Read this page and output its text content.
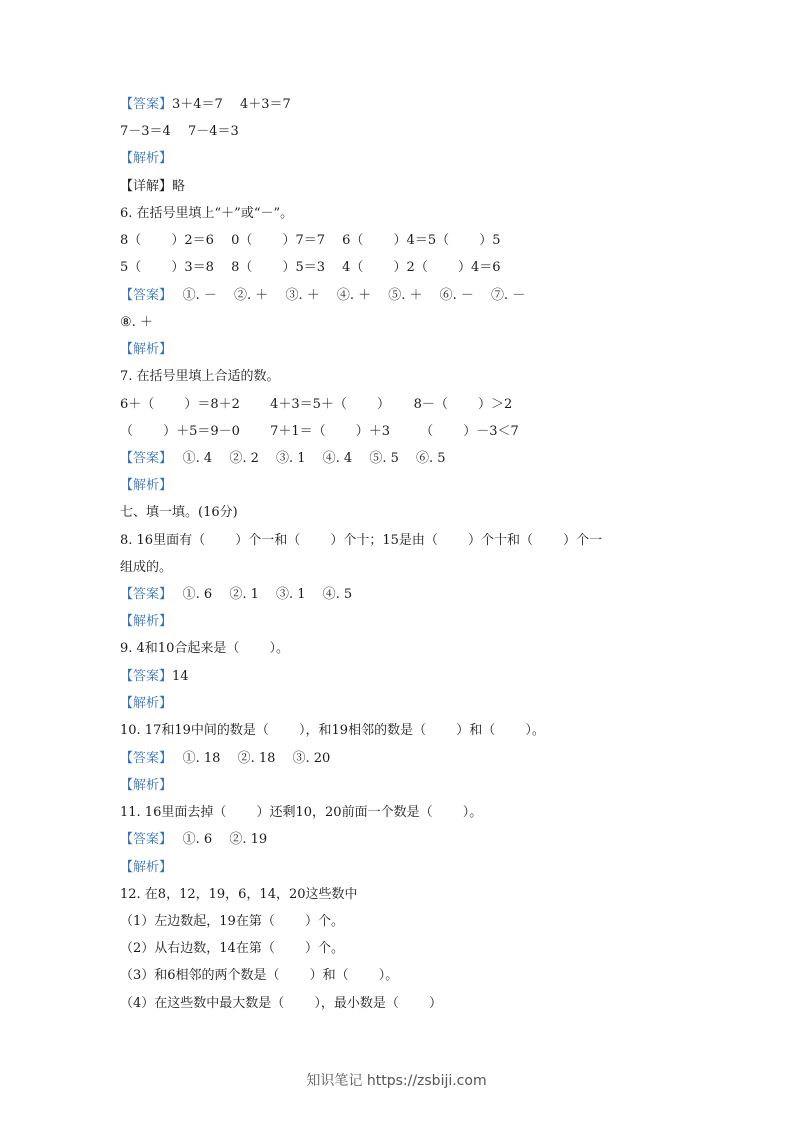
【答案】3＋4＝7　 4＋3＝7
7－3＝4　 7－4＝3
【解析】
【详解】略
6. 在括号里填上“＋”或“－”。
8（　　 ）2＝6　 0（　　 ）7＝7　 6（　　 ）4＝5（　　 ）5
5（　　 ）3＝8　 8（　　 ）5＝3　 4（　　 ）2（　　 ）4＝6
【答案】　 ①. －　 ②. ＋　 ③. ＋　 ④. ＋　 ⑤. ＋　 ⑥. －　 ⑦. －
⑧. ＋
【解析】
7. 在括号里填上合适的数。
6＋（　　 ）＝8＋2　　 4＋3＝5＋（　　 ）　　 8－（　　 ）＞2
（　　 ）＋5＝9－0　　 7＋1＝（　　 ）＋3　　 （　　 ）－3＜7
【答案】　 ①. 4　 ②. 2　 ③. 1　 ④. 4　 ⑤. 5　 ⑥. 5
【解析】
七、填一填。(16分)
8. 16里面有（　　 ）个一和（　　 ）个十；15是由（　　 ）个十和（　　 ）个一
组成的。
【答案】　 ①. 6　 ②. 1　 ③. 1　 ④. 5
【解析】
9. 4和10合起来是（　　 ）。
【答案】14
【解析】
10. 17和19中间的数是（　　 ），和19相邻的数是（　　 ）和（　　 ）。
【答案】　 ①. 18　 ②. 18　 ③. 20
【解析】
11. 16里面去掉（　　 ）还剩10，20前面一个数是（　　 ）。
【答案】　 ①. 6　 ②. 19
【解析】
12. 在8，12，19，6，14，20这些数中
（1）左边数起，19在第（　　 ）个。
（2）从右边数，14在第（　　 ）个。
（3）和6相邻的两个数是（　　 ）和（　　 ）。
（4）在这些数中最大数是（　　 ），最小数是（　　 ）
知识笔记 https://zsbiji.com
